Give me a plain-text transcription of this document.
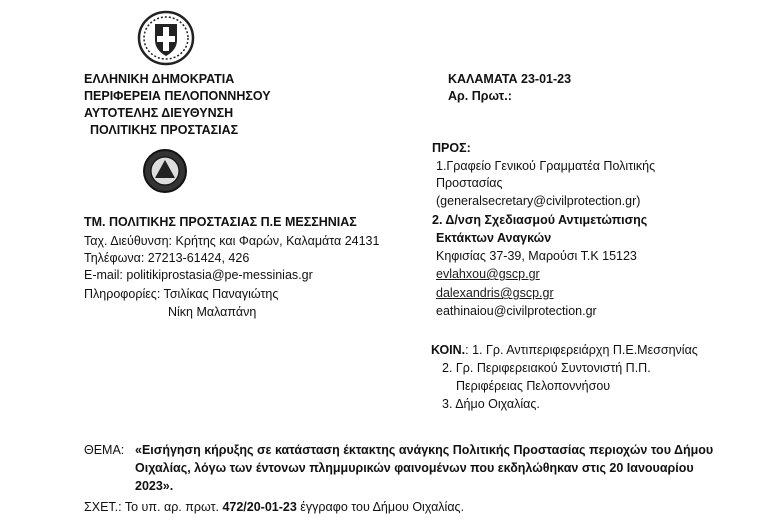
ΕΛΛΗΝΙΚΗ ΔΗΜΟΚΡΑΤΙΑ
ΠΕΡΙΦΕΡΕΙΑ ΠΕΛΟΠΟΝΝΗΣΟΥ
ΑΥΤΟΤΕΛΗΣ ΔΙΕΥΘΥΝΣΗ
ΠΟΛΙΤΙΚΗΣ ΠΡΟΣΤΑΣΙΑΣ
ΚΑΛΑΜΑΤΑ 23-01-23
Αρ. Πρωτ.:
ΤΜ. ΠΟΛΙΤΙΚΗΣ ΠΡΟΣΤΑΣΙΑΣ Π.Ε ΜΕΣΣΗΝΙΑΣ
Ταχ. Διεύθυνση: Κρήτης και Φαρών, Καλαμάτα 24131
Τηλέφωνα: 27213-61424, 426
E-mail: politikiprostasia@pe-messinias.gr
Πληροφορίες: Τσιλίκας Παναγιώτης
Νίκη Μαλαπάνη
ΠΡΟΣ:
1.Γραφείο Γενικού Γραμματέα Πολιτικής
Προστασίας
(generalsecretary@civilprotection.gr)
2. Δ/νση Σχεδιασμού Αντιμετώπισης
Εκτάκτων Αναγκών
Κηφισίας 37-39, Μαρούσι Τ.Κ 15123
evlahxou@gscp.gr
dalexandris@gscp.gr
eathinaiou@civilprotection.gr
ΚΟΙΝ.: 1. Γρ. Αντιπεριφερειάρχη Π.Ε.Μεσσηνίας
2. Γρ. Περιφερειακού Συντονιστή Π.Π.
Περιφέρειας Πελοποννήσου
3. Δήμο Οιχαλίας.
ΘΕΜΑ: «Εισήγηση κήρυξης σε κατάσταση έκτακτης ανάγκης Πολιτικής Προστασίας περιοχών του Δήμου
Οιχαλίας, λόγω των έντονων πλημμυρικών φαινομένων που εκδηλώθηκαν στις 20 Ιανουαρίου
2023».
ΣΧΕΤ.: Το υπ. αρ. πρωτ. 472/20-01-23 έγγραφο του Δήμου Οιχαλίας.
